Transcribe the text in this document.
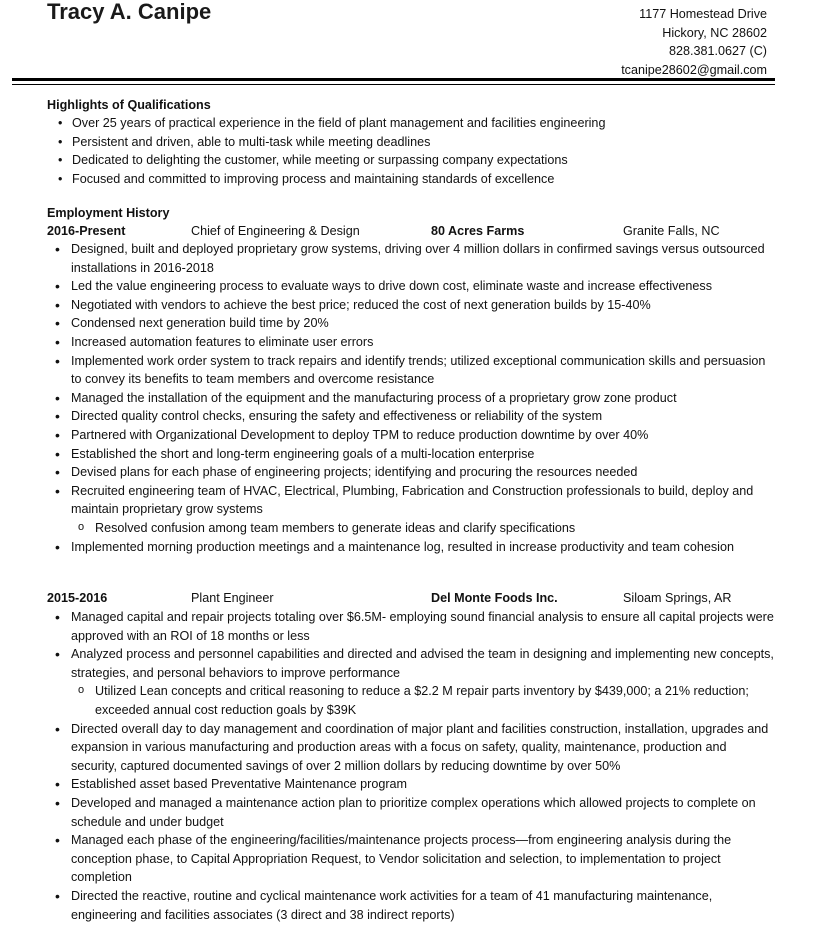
Tracy A. Canipe	1177 Homestead Drive
Hickory, NC 28602
828.381.0627 (C)
tcanipe28602@gmail.com
Highlights of Qualifications
• Over 25 years of practical experience in the field of plant management and facilities engineering
• Persistent and driven, able to multi-task while meeting deadlines
• Dedicated to delighting the customer, while meeting or surpassing company expectations
• Focused and committed to improving process and maintaining standards of excellence
Employment History
2016-Present	Chief of Engineering & Design	80 Acres Farms	Granite Falls, NC
• Designed, built and deployed proprietary grow systems, driving over 4 million dollars in confirmed savings versus outsourced installations in 2016-2018
• Led the value engineering process to evaluate ways to drive down cost, eliminate waste and increase effectiveness
• Negotiated with vendors to achieve the best price; reduced the cost of next generation builds by 15-40%
• Condensed next generation build time by 20%
• Increased automation features to eliminate user errors
• Implemented work order system to track repairs and identify trends; utilized exceptional communication skills and persuasion to convey its benefits to team members and overcome resistance
• Managed the installation of the equipment and the manufacturing process of a proprietary grow zone product
• Directed quality control checks, ensuring the safety and effectiveness or reliability of the system
• Partnered with Organizational Development to deploy TPM to reduce production downtime by over 40%
• Established the short and long-term engineering goals of a multi-location enterprise
• Devised plans for each phase of engineering projects; identifying and procuring the resources needed
• Recruited engineering team of HVAC, Electrical, Plumbing, Fabrication and Construction professionals to build, deploy and maintain proprietary grow systems
o Resolved confusion among team members to generate ideas and clarify specifications
• Implemented morning production meetings and a maintenance log, resulted in increase productivity and team cohesion
2015-2016	Plant Engineer	Del Monte Foods Inc.	Siloam Springs, AR
• Managed capital and repair projects totaling over $6.5M- employing sound financial analysis to ensure all capital projects were approved with an ROI of 18 months or less
• Analyzed process and personnel capabilities and directed and advised the team in designing and implementing new concepts, strategies, and personal behaviors to improve performance
o Utilized Lean concepts and critical reasoning to reduce a $2.2 M repair parts inventory by $439,000; a 21% reduction; exceeded annual cost reduction goals by $39K
• Directed overall day to day management and coordination of major plant and facilities construction, installation, upgrades and expansion in various manufacturing and production areas with a focus on safety, quality, maintenance, production and security, captured documented savings of over 2 million dollars by reducing downtime by over 50%
• Established asset based Preventative Maintenance program
• Developed and managed a maintenance action plan to prioritize complex operations which allowed projects to complete on schedule and under budget
• Managed each phase of the engineering/facilities/maintenance projects process—from engineering analysis during the conception phase, to Capital Appropriation Request, to Vendor solicitation and selection, to implementation to project completion
• Directed the reactive, routine and cyclical maintenance work activities for a team of 41 manufacturing maintenance, engineering and facilities associates (3 direct and 38 indirect reports)
